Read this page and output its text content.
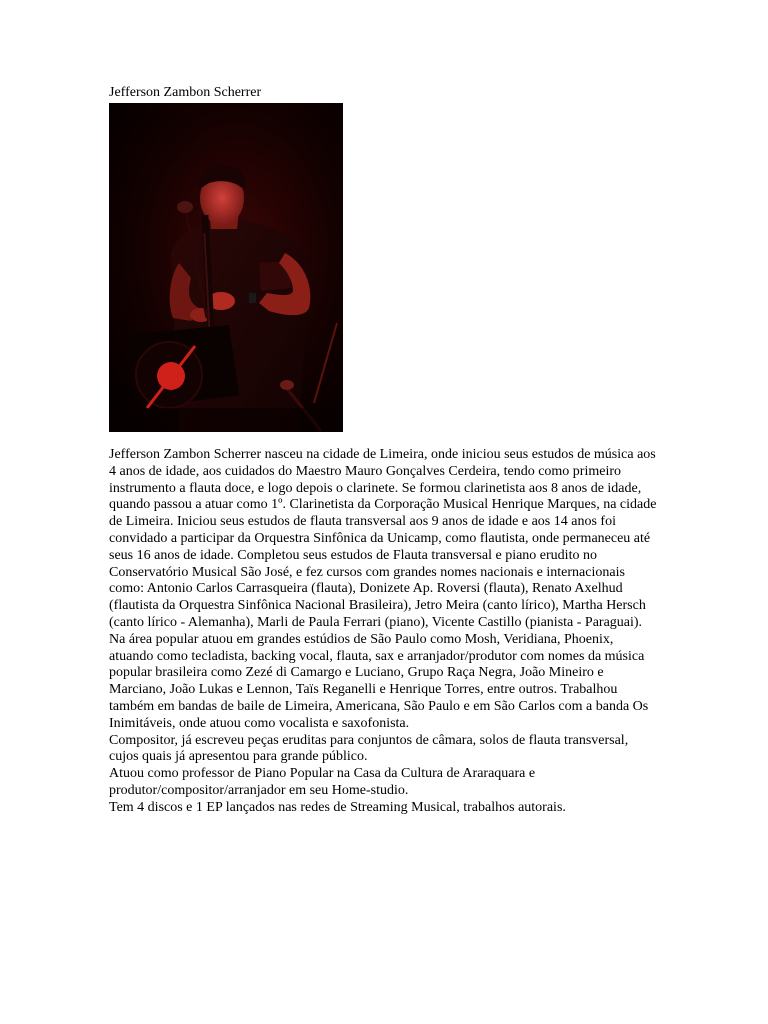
Jefferson Zambon Scherrer

Jefferson Zambon Scherrer nasceu na cidade de Limeira, onde iniciou seus estudos de música aos 4 anos de idade, aos cuidados do Maestro Mauro Gonçalves Cerdeira, tendo como primeiro instrumento a flauta doce, e logo depois o clarinete. Se formou clarinetista aos 8 anos de idade, quando passou a atuar como 1º. Clarinetista da Corporação Musical Henrique Marques, na cidade de Limeira. Iniciou seus estudos de flauta transversal aos 9 anos de idade e aos 14 anos foi convidado a participar da Orquestra Sinfônica da Unicamp, como flautista, onde permaneceu até seus 16 anos de idade. Completou seus estudos de Flauta transversal e piano erudito no Conservatório Musical São José, e fez cursos com grandes nomes nacionais e internacionais como: Antonio Carlos Carrasqueira (flauta), Donizete Ap. Roversi (flauta), Renato Axelhud (flautista da Orquestra Sinfônica Nacional Brasileira), Jetro Meira (canto lírico), Martha Hersch (canto lírico - Alemanha), Marli de Paula Ferrari (piano), Vicente Castillo (pianista - Paraguai).

Na área popular atuou em grandes estúdios de São Paulo como Mosh, Veridiana, Phoenix, atuando como tecladista, backing vocal, flauta, sax e arranjador/produtor com nomes da música popular brasileira como Zezé di Camargo e Luciano, Grupo Raça Negra, João Mineiro e Marciano, João Lukas e Lennon, Taïs Reganelli e Henrique Torres, entre outros. Trabalhou também em bandas de baile de Limeira, Americana, São Paulo e em São Carlos com a banda Os Inimitáveis, onde atuou como vocalista e saxofonista.

Compositor, já escreveu peças eruditas para conjuntos de câmara, solos de flauta transversal, cujos quais já apresentou para grande público.

Atuou como professor de Piano Popular na Casa da Cultura de Araraquara e produtor/compositor/arranjador em seu Home-studio.

Tem 4 discos e 1 EP lançados nas redes de Streaming Musical, trabalhos autorais.
